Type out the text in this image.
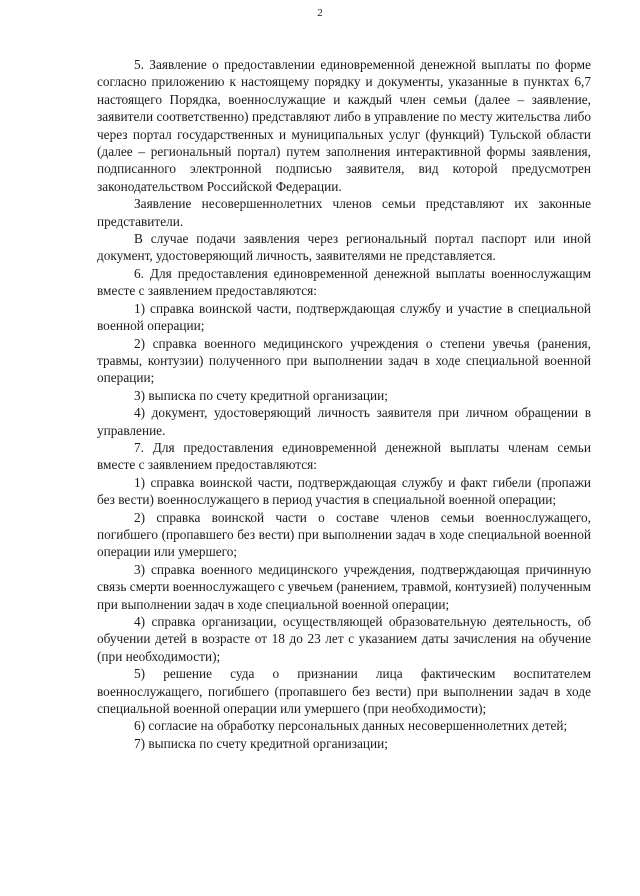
2

5. Заявление о предоставлении единовременной денежной выплаты по форме согласно приложению к настоящему порядку и документы, указанные в пунктах 6,7 настоящего Порядка, военнослужащие и каждый член семьи (далее – заявление, заявители соответственно) представляют либо в управление по месту жительства либо через портал государственных и муниципальных услуг (функций) Тульской области (далее – региональный портал) путем заполнения интерактивной формы заявления, подписанного электронной подписью заявителя, вид которой предусмотрен законодательством Российской Федерации.

Заявление несовершеннолетних членов семьи представляют их законные представители.

В случае подачи заявления через региональный портал паспорт или иной документ, удостоверяющий личность, заявителями не представляется.

6. Для предоставления единовременной денежной выплаты военнослужащим вместе с заявлением предоставляются:

1) справка воинской части, подтверждающая службу и участие в специальной военной операции;

2) справка военного медицинского учреждения о степени увечья (ранения, травмы, контузии) полученного при выполнении задач в ходе специальной военной операции;

3) выписка по счету кредитной организации;

4) документ, удостоверяющий личность заявителя при личном обращении в управление.

7. Для предоставления единовременной денежной выплаты членам семьи вместе с заявлением предоставляются:

1) справка воинской части, подтверждающая службу и факт гибели (пропажи без вести) военнослужащего в период участия в специальной военной операции;

2) справка воинской части о составе членов семьи военнослужащего, погибшего (пропавшего без вести) при выполнении задач в ходе специальной военной операции или умершего;

3) справка военного медицинского учреждения, подтверждающая причинную связь смерти военнослужащего с увечьем (ранением, травмой, контузией) полученным при выполнении задач в ходе специальной военной операции;

4) справка организации, осуществляющей образовательную деятельность, об обучении детей в возрасте от 18 до 23 лет с указанием даты зачисления на обучение (при необходимости);

5) решение суда о признании лица фактическим воспитателем военнослужащего, погибшего (пропавшего без вести) при выполнении задач в ходе специальной военной операции или умершего (при необходимости);

6) согласие на обработку персональных данных несовершеннолетних детей;

7) выписка по счету кредитной организации;
